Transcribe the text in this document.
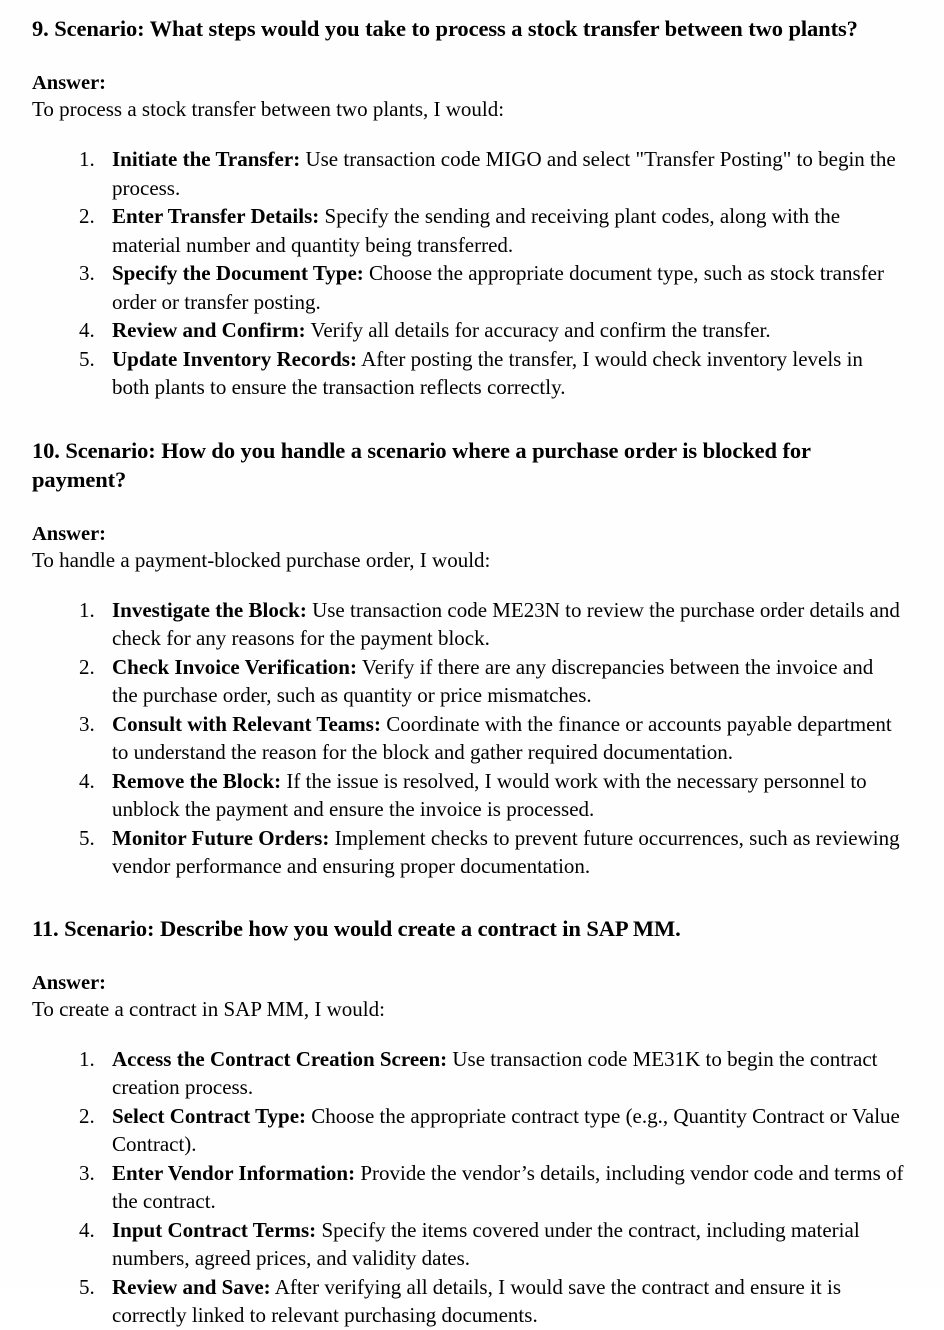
9. Scenario: What steps would you take to process a stock transfer between two plants?

Answer:

To process a stock transfer between two plants, I would:

1. Initiate the Transfer: Use transaction code MIGO and select "Transfer Posting" to begin the process.
2. Enter Transfer Details: Specify the sending and receiving plant codes, along with the material number and quantity being transferred.
3. Specify the Document Type: Choose the appropriate document type, such as stock transfer order or transfer posting.
4. Review and Confirm: Verify all details for accuracy and confirm the transfer.
5. Update Inventory Records: After posting the transfer, I would check inventory levels in both plants to ensure the transaction reflects correctly.
10. Scenario: How do you handle a scenario where a purchase order is blocked for payment?

Answer:

To handle a payment-blocked purchase order, I would:

1. Investigate the Block: Use transaction code ME23N to review the purchase order details and check for any reasons for the payment block.
2. Check Invoice Verification: Verify if there are any discrepancies between the invoice and the purchase order, such as quantity or price mismatches.
3. Consult with Relevant Teams: Coordinate with the finance or accounts payable department to understand the reason for the block and gather required documentation.
4. Remove the Block: If the issue is resolved, I would work with the necessary personnel to unblock the payment and ensure the invoice is processed.
5. Monitor Future Orders: Implement checks to prevent future occurrences, such as reviewing vendor performance and ensuring proper documentation.
11. Scenario: Describe how you would create a contract in SAP MM.

Answer:

To create a contract in SAP MM, I would:

1. Access the Contract Creation Screen: Use transaction code ME31K to begin the contract creation process.
2. Select Contract Type: Choose the appropriate contract type (e.g., Quantity Contract or Value Contract).
3. Enter Vendor Information: Provide the vendor’s details, including vendor code and terms of the contract.
4. Input Contract Terms: Specify the items covered under the contract, including material numbers, agreed prices, and validity dates.
5. Review and Save: After verifying all details, I would save the contract and ensure it is correctly linked to relevant purchasing documents.
